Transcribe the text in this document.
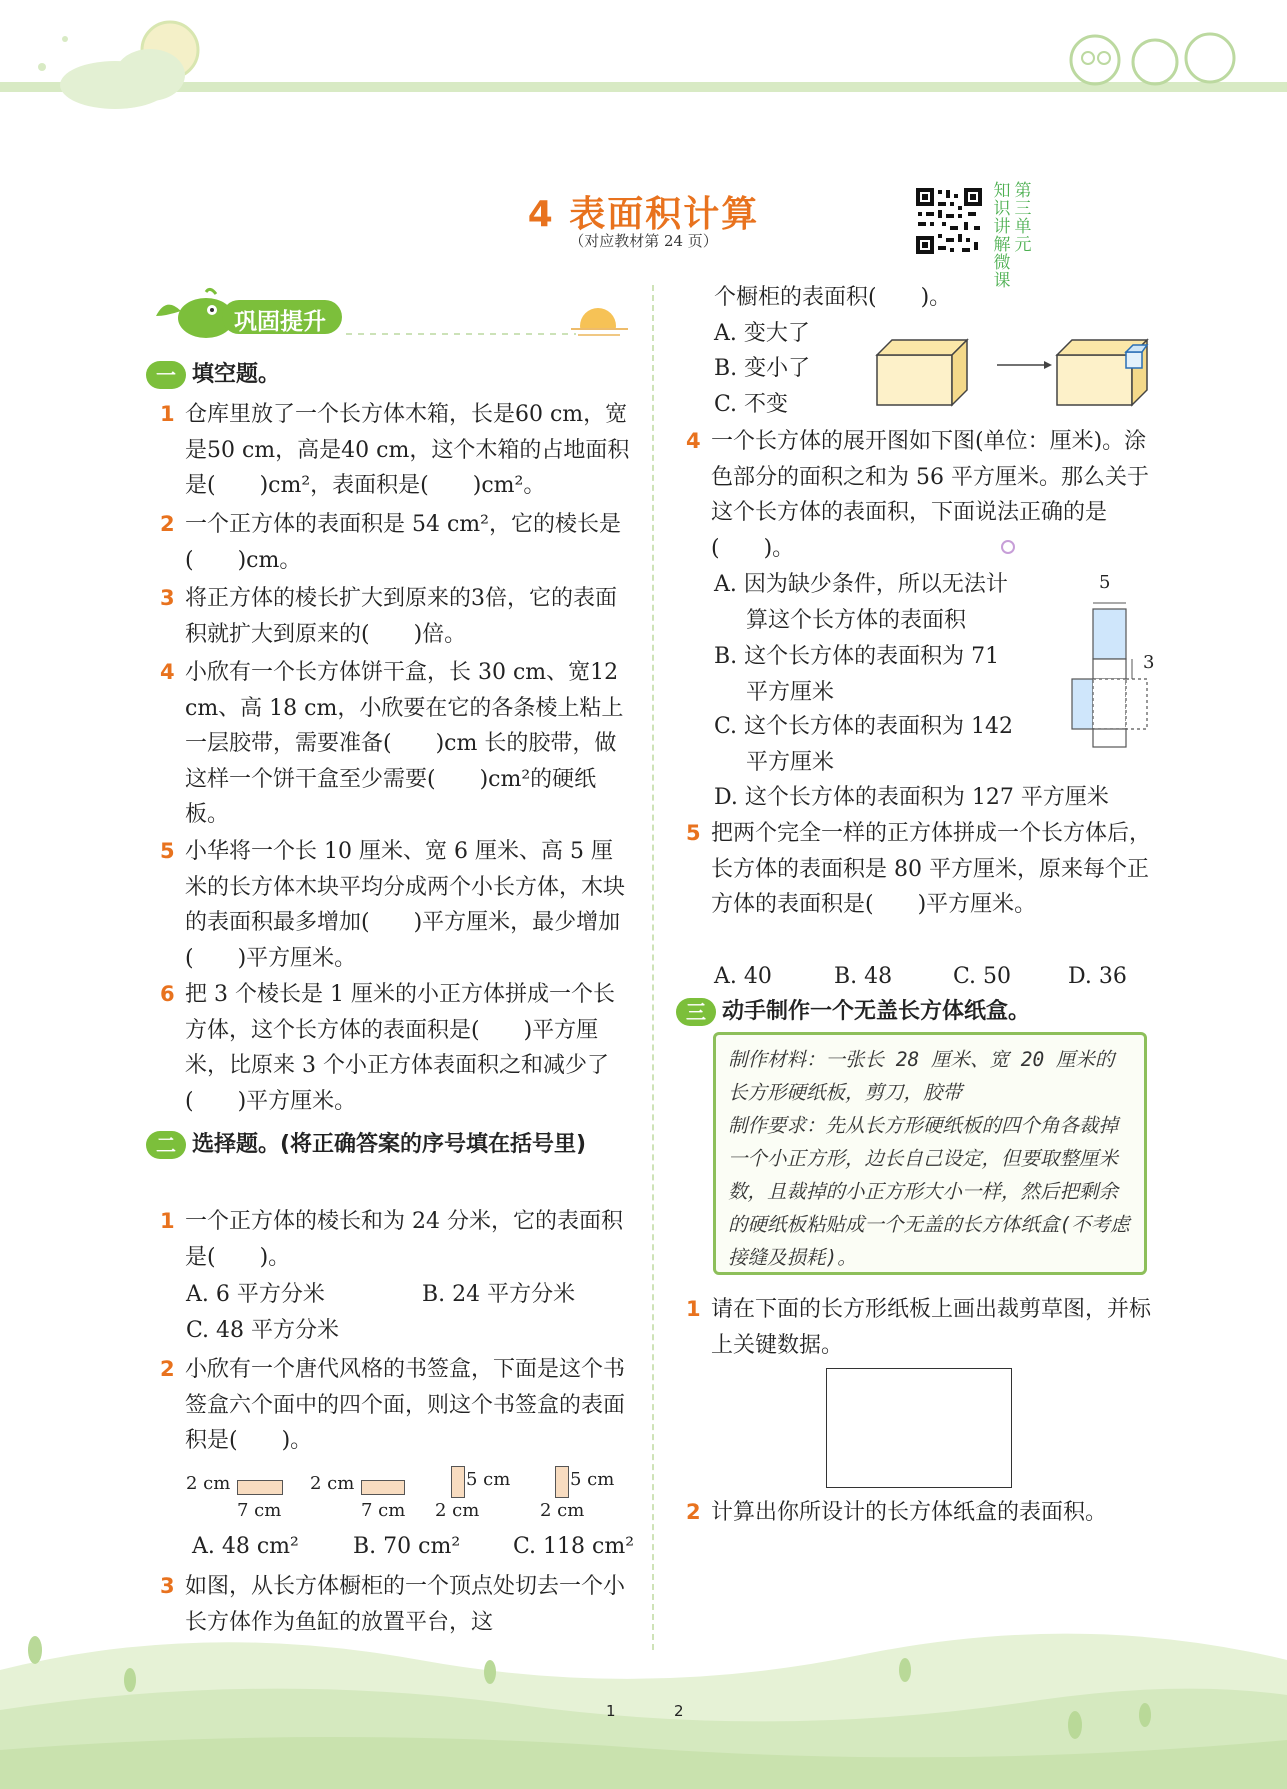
4 表面积计算
（对应教材第 24 页）
知识讲解微课
第三单元
巩固提升
一 填空题。
1 仓库里放了一个长方体木箱，长是60 cm，宽是50 cm，高是40 cm，这个木箱的占地面积是(　　)cm²，表面积是(　　)cm²。
2 一个正方体的表面积是 54 cm²，它的棱长是(　　)cm。
3 将正方体的棱长扩大到原来的3倍，它的表面积就扩大到原来的(　　)倍。
4 小欣有一个长方体饼干盒，长 30 cm、宽12 cm、高 18 cm，小欣要在它的各条棱上粘上一层胶带，需要准备(　　)cm 长的胶带，做这样一个饼干盒至少需要(　　)cm²的硬纸板。
5 小华将一个长 10 厘米、宽 6 厘米、高 5 厘米的长方体木块平均分成两个小长方体，木块的表面积最多增加(　　)平方厘米，最少增加(　　)平方厘米。
6 把 3 个棱长是 1 厘米的小正方体拼成一个长方体，这个长方体的表面积是(　　)平方厘米，比原来 3 个小正方体表面积之和减少了(　　)平方厘米。
二 选择题。(将正确答案的序号填在括号里)
1 一个正方体的棱长和为 24 分米，它的表面积是(　　)。
A. 6 平方分米	B. 24 平方分米
C. 48 平方分米
2 小欣有一个唐代风格的书签盒，下面是这个书签盒六个面中的四个面，则这个书签盒的表面积是(　　)。
2 cm
7 cm
2 cm
7 cm
5 cm
2 cm
5 cm
2 cm
A. 48 cm² B. 70 cm² C. 118 cm²
3 如图，从长方体橱柜的一个顶点处切去一个小长方体作为鱼缸的放置平台，这
个橱柜的表面积(　　)。
A. 变大了
B. 变小了
C. 不变
4 一个长方体的展开图如下图(单位：厘米)。涂色部分的面积之和为 56 平方厘米。那么关于这个长方体的表面积，下面说法正确的是(　　)。
A. 因为缺少条件，所以无法计
算这个长方体的表面积
B. 这个长方体的表面积为 71
平方厘米
C. 这个长方体的表面积为 142
平方厘米
D. 这个长方体的表面积为 127 平方厘米
5
3
5 把两个完全一样的正方体拼成一个长方体后，长方体的表面积是 80 平方厘米，原来每个正方体的表面积是(　　)平方厘米。
A. 40	B. 48	C. 50	D. 36
三 动手制作一个无盖长方体纸盒。
制作材料：一张长 28 厘米、宽 20 厘米的长方形硬纸板，剪刀，胶带
制作要求：先从长方形硬纸板的四个角各裁掉一个小正方形，边长自己设定，但要取整厘米数，且裁掉的小正方形大小一样，然后把剩余的硬纸板粘贴成一个无盖的长方体纸盒(不考虑接缝及损耗)。
1 请在下面的长方形纸板上画出裁剪草图，并标上关键数据。
2 计算出你所设计的长方体纸盒的表面积。
1	2
